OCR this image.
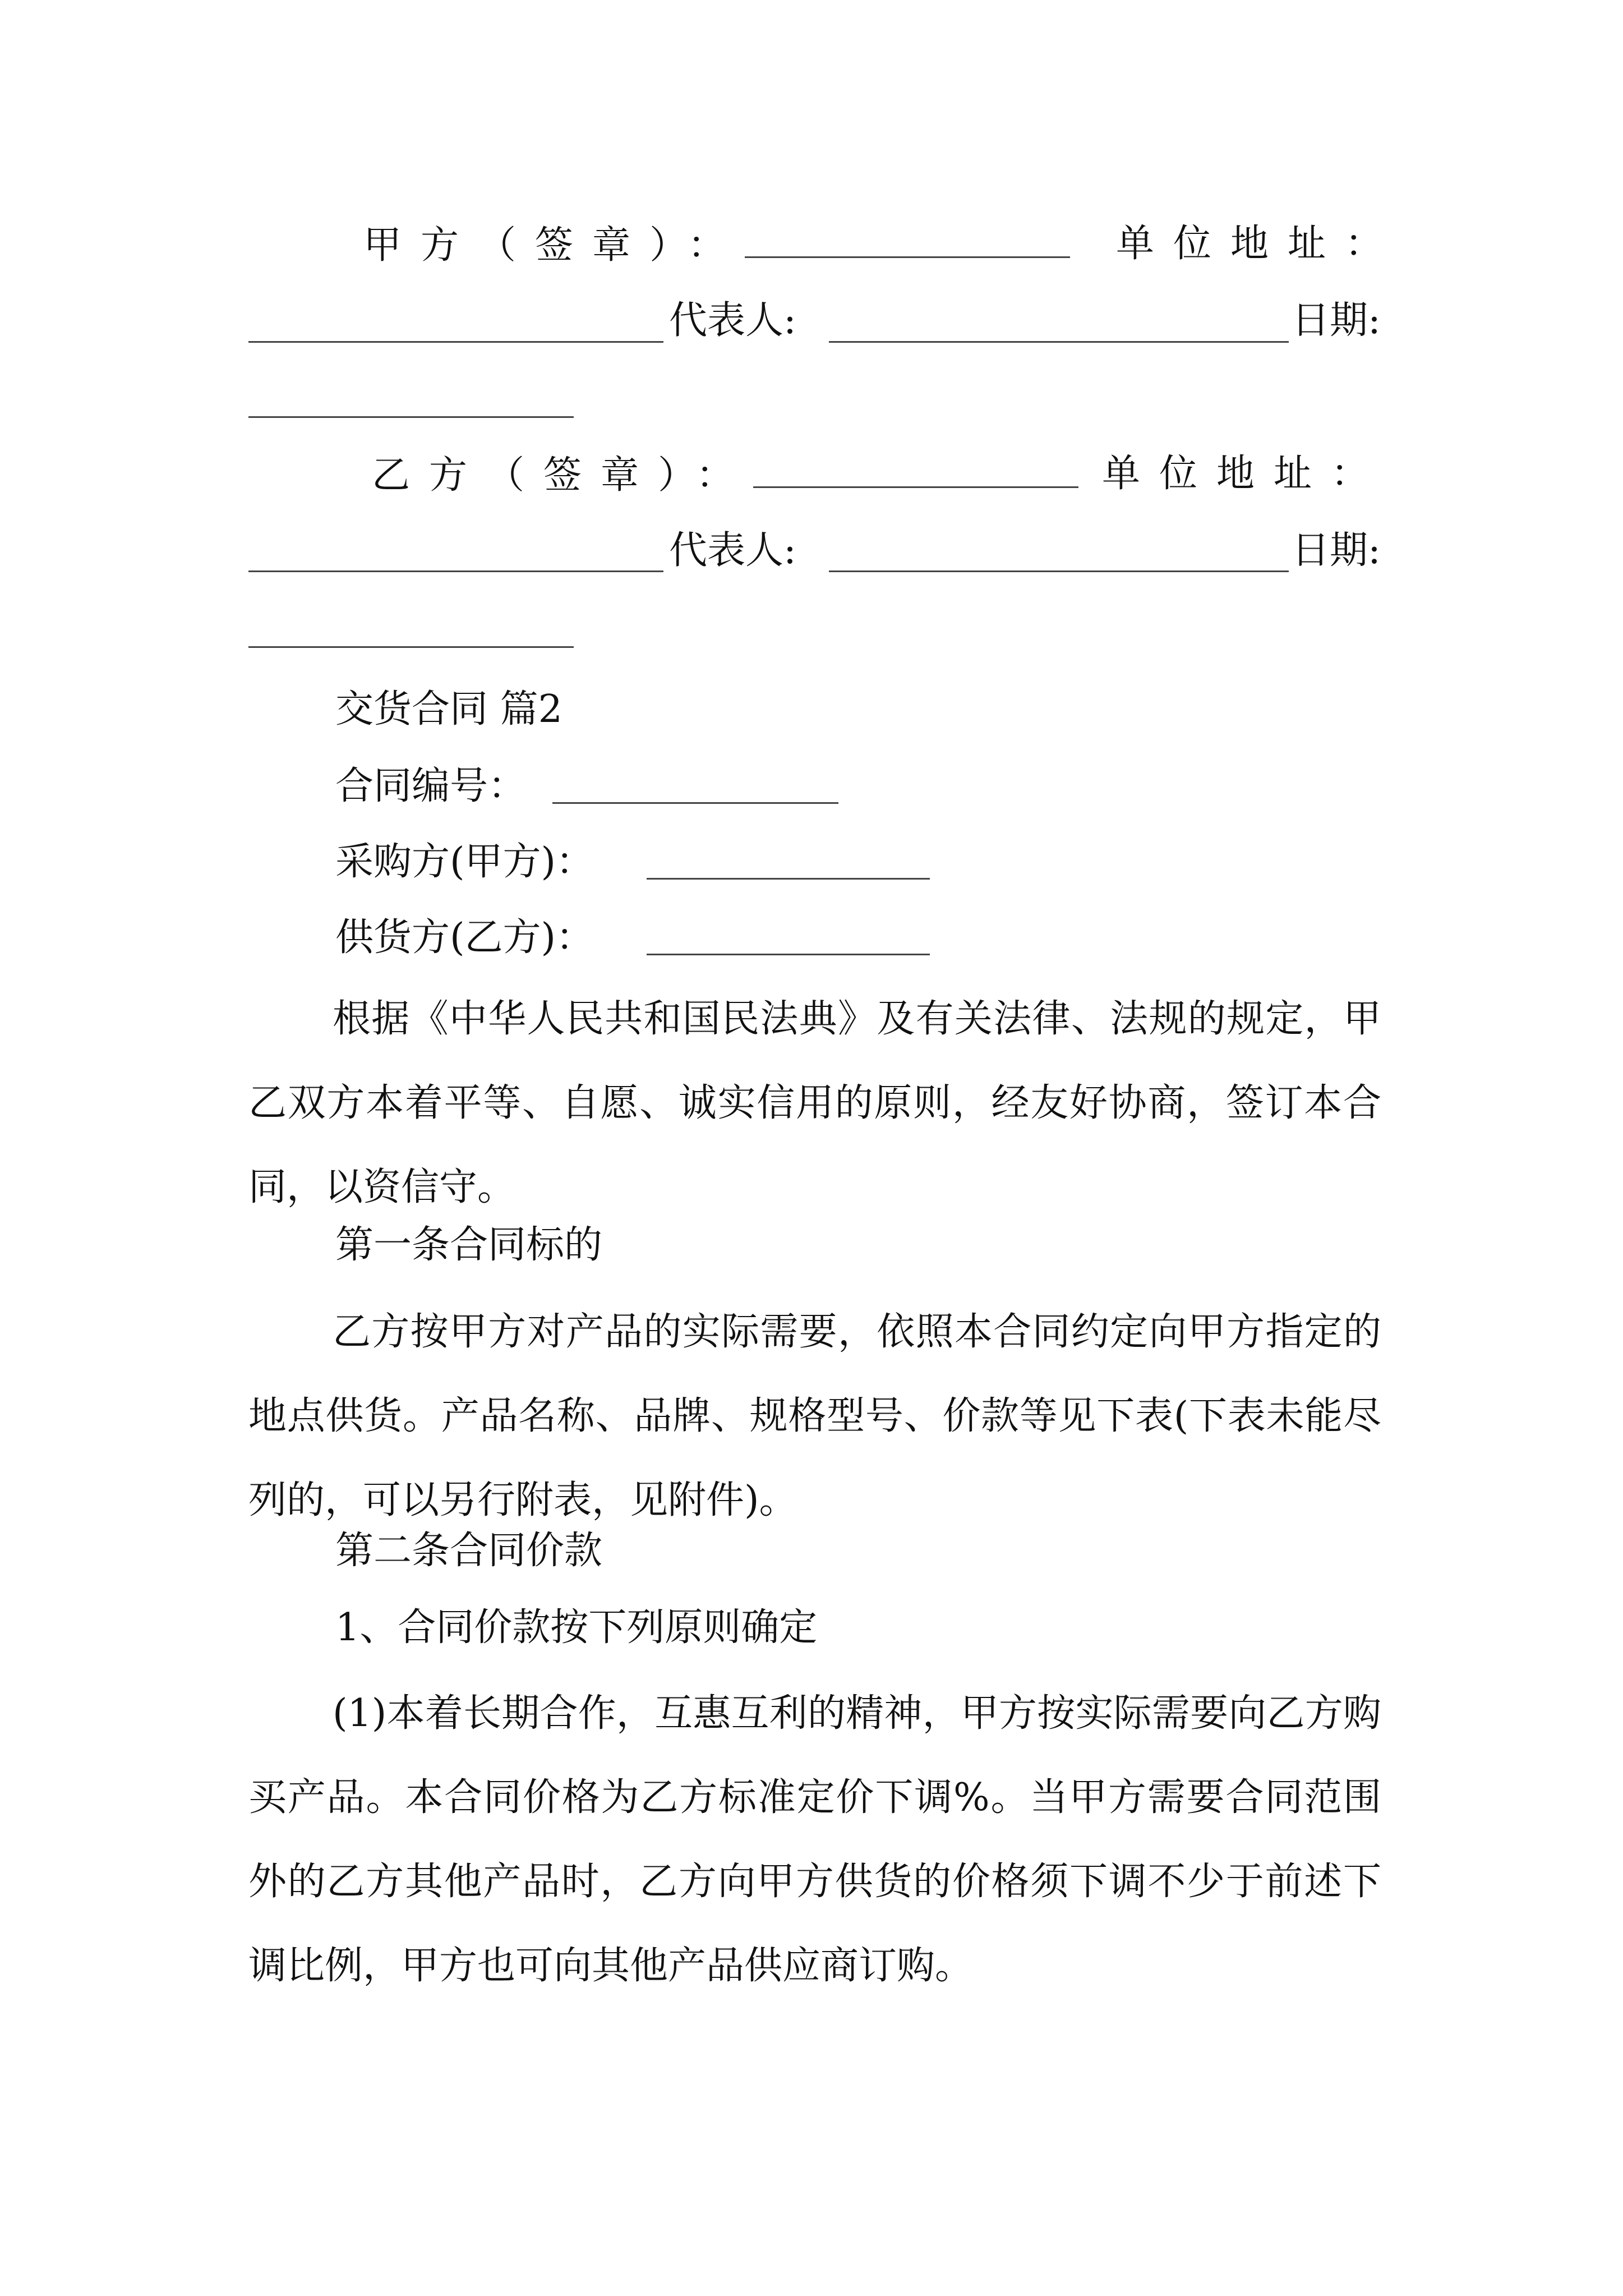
甲方（签章）：	单位地址：
代表人:	日期:
乙方（签章）：	单位地址：
代表人:	日期:
交货合同 篇2
合同编号：
采购方(甲方)：
供货方(乙方)：
根据《中华人民共和国民法典》及有关法律、法规的规定，甲乙双方本着平等、自愿、诚实信用的原则，经友好协商，签订本合同，以资信守。
第一条合同标的
乙方按甲方对产品的实际需要，依照本合同约定向甲方指定的地点供货。产品名称、品牌、规格型号、价款等见下表(下表未能尽列的，可以另行附表，见附件)。
第二条合同价款
1、合同价款按下列原则确定
(1)本着长期合作，互惠互利的精神，甲方按实际需要向乙方购买产品。本合同价格为乙方标准定价下调%。当甲方需要合同范围外的乙方其他产品时，乙方向甲方供货的价格须下调不少于前述下调比例，甲方也可向其他产品供应商订购。
